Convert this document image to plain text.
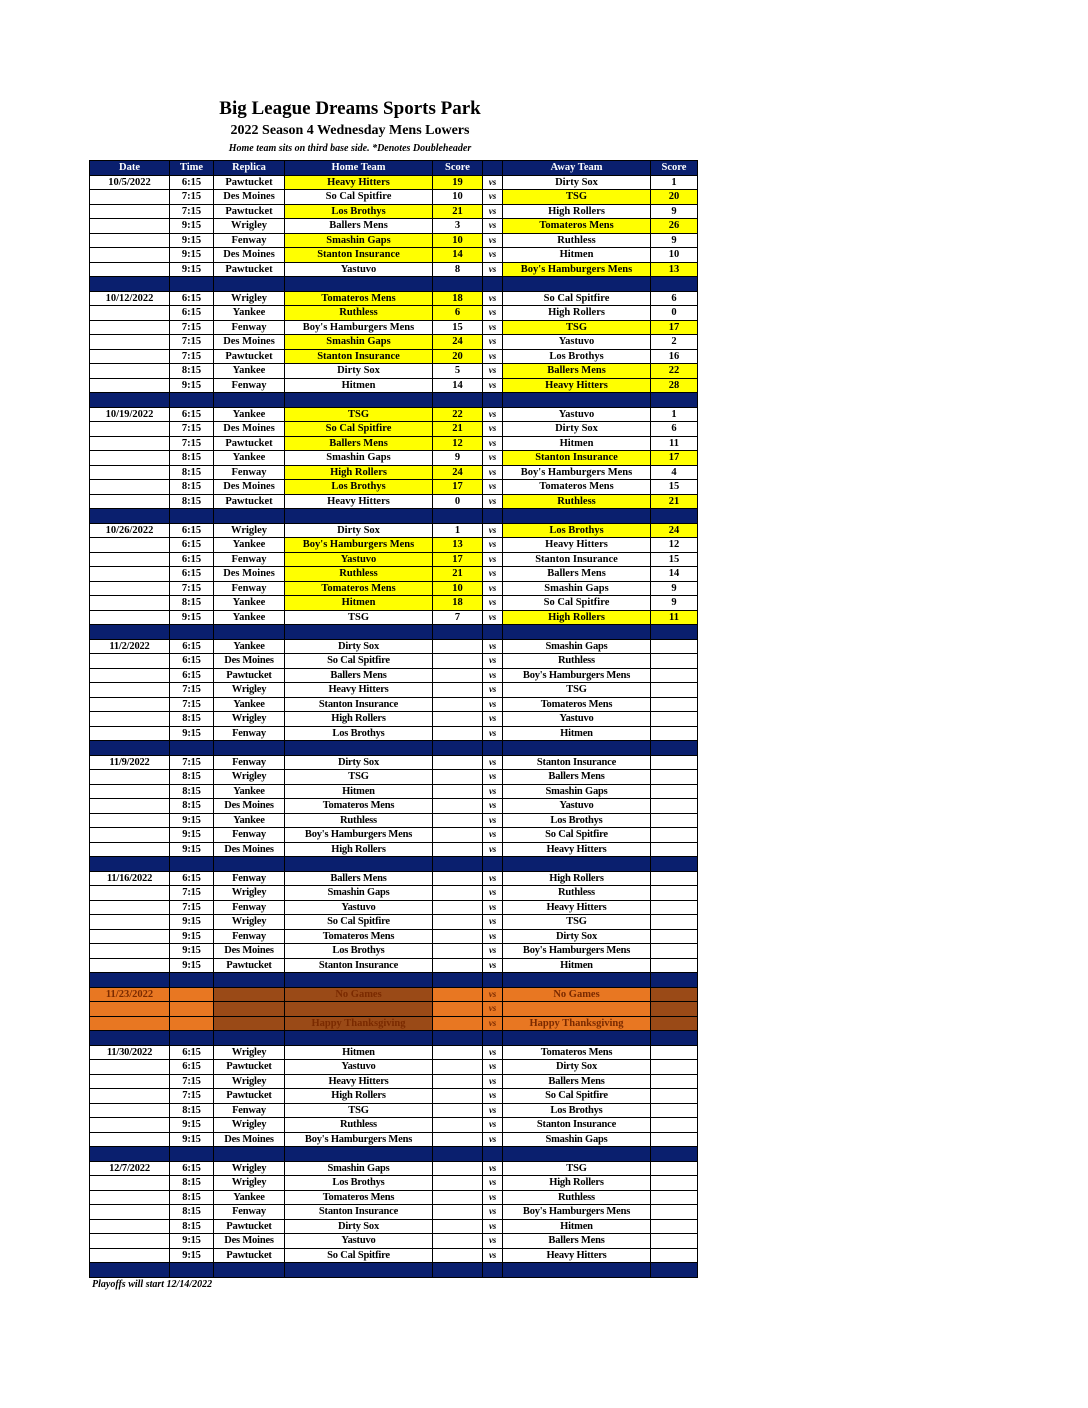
Big League Dreams Sports Park
2022 Season 4 Wednesday Mens Lowers
Home team sits on third base side. *Denotes Doubleheader
Date	Time	Replica	Home Team	Score		Away Team	Score
10/5/2022	6:15	Pawtucket	Heavy Hitters	19	vs	Dirty Sox	1
	7:15	Des Moines	So Cal Spitfire	10	vs	TSG	20
	7:15	Pawtucket	Los Brothys	21	vs	High Rollers	9
	9:15	Wrigley	Ballers Mens	3	vs	Tomateros Mens	26
	9:15	Fenway	Smashin Gaps	10	vs	Ruthless	9
	9:15	Des Moines	Stanton Insurance	14	vs	Hitmen	10
	9:15	Pawtucket	Yastuvo	8	vs	Boy's Hamburgers Mens	13

10/12/2022	6:15	Wrigley	Tomateros Mens	18	vs	So Cal Spitfire	6
	6:15	Yankee	Ruthless	6	vs	High Rollers	0
	7:15	Fenway	Boy's Hamburgers Mens	15	vs	TSG	17
	7:15	Des Moines	Smashin Gaps	24	vs	Yastuvo	2
	7:15	Pawtucket	Stanton Insurance	20	vs	Los Brothys	16
	8:15	Yankee	Dirty Sox	5	vs	Ballers Mens	22
	9:15	Fenway	Hitmen	14	vs	Heavy Hitters	28

10/19/2022	6:15	Yankee	TSG	22	vs	Yastuvo	1
	7:15	Des Moines	So Cal Spitfire	21	vs	Dirty Sox	6
	7:15	Pawtucket	Ballers Mens	12	vs	Hitmen	11
	8:15	Yankee	Smashin Gaps	9	vs	Stanton Insurance	17
	8:15	Fenway	High Rollers	24	vs	Boy's Hamburgers Mens	4
	8:15	Des Moines	Los Brothys	17	vs	Tomateros Mens	15
	8:15	Pawtucket	Heavy Hitters	0	vs	Ruthless	21

10/26/2022	6:15	Wrigley	Dirty Sox	1	vs	Los Brothys	24
	6:15	Yankee	Boy's Hamburgers Mens	13	vs	Heavy Hitters	12
	6:15	Fenway	Yastuvo	17	vs	Stanton Insurance	15
	6:15	Des Moines	Ruthless	21	vs	Ballers Mens	14
	7:15	Fenway	Tomateros Mens	10	vs	Smashin Gaps	9
	8:15	Yankee	Hitmen	18	vs	So Cal Spitfire	9
	9:15	Yankee	TSG	7	vs	High Rollers	11

11/2/2022	6:15	Yankee	Dirty Sox		vs	Smashin Gaps	
	6:15	Des Moines	So Cal Spitfire		vs	Ruthless	
	6:15	Pawtucket	Ballers Mens		vs	Boy's Hamburgers Mens	
	7:15	Wrigley	Heavy Hitters		vs	TSG	
	7:15	Yankee	Stanton Insurance		vs	Tomateros Mens	
	8:15	Wrigley	High Rollers		vs	Yastuvo	
	9:15	Fenway	Los Brothys		vs	Hitmen	

11/9/2022	7:15	Fenway	Dirty Sox		vs	Stanton Insurance	
	8:15	Wrigley	TSG		vs	Ballers Mens	
	8:15	Yankee	Hitmen		vs	Smashin Gaps	
	8:15	Des Moines	Tomateros Mens		vs	Yastuvo	
	9:15	Yankee	Ruthless		vs	Los Brothys	
	9:15	Fenway	Boy's Hamburgers Mens		vs	So Cal Spitfire	
	9:15	Des Moines	High Rollers		vs	Heavy Hitters	

11/16/2022	6:15	Fenway	Ballers Mens		vs	High Rollers	
	7:15	Wrigley	Smashin Gaps		vs	Ruthless	
	7:15	Fenway	Yastuvo		vs	Heavy Hitters	
	9:15	Wrigley	So Cal Spitfire		vs	TSG	
	9:15	Fenway	Tomateros Mens		vs	Dirty Sox	
	9:15	Des Moines	Los Brothys		vs	Boy's Hamburgers Mens	
	9:15	Pawtucket	Stanton Insurance		vs	Hitmen	

11/23/2022			No Games		vs	No Games	
					vs		
			Happy Thanksgiving		vs	Happy Thanksgiving	

11/30/2022	6:15	Wrigley	Hitmen		vs	Tomateros Mens	
	6:15	Pawtucket	Yastuvo		vs	Dirty Sox	
	7:15	Wrigley	Heavy Hitters		vs	Ballers Mens	
	7:15	Pawtucket	High Rollers		vs	So Cal Spitfire	
	8:15	Fenway	TSG		vs	Los Brothys	
	9:15	Wrigley	Ruthless		vs	Stanton Insurance	
	9:15	Des Moines	Boy's Hamburgers Mens		vs	Smashin Gaps	

12/7/2022	6:15	Wrigley	Smashin Gaps		vs	TSG	
	8:15	Wrigley	Los Brothys		vs	High Rollers	
	8:15	Yankee	Tomateros Mens		vs	Ruthless	
	8:15	Fenway	Stanton Insurance		vs	Boy's Hamburgers Mens	
	8:15	Pawtucket	Dirty Sox		vs	Hitmen	
	9:15	Des Moines	Yastuvo		vs	Ballers Mens	
	9:15	Pawtucket	So Cal Spitfire		vs	Heavy Hitters	

Playoffs will start 12/14/2022
